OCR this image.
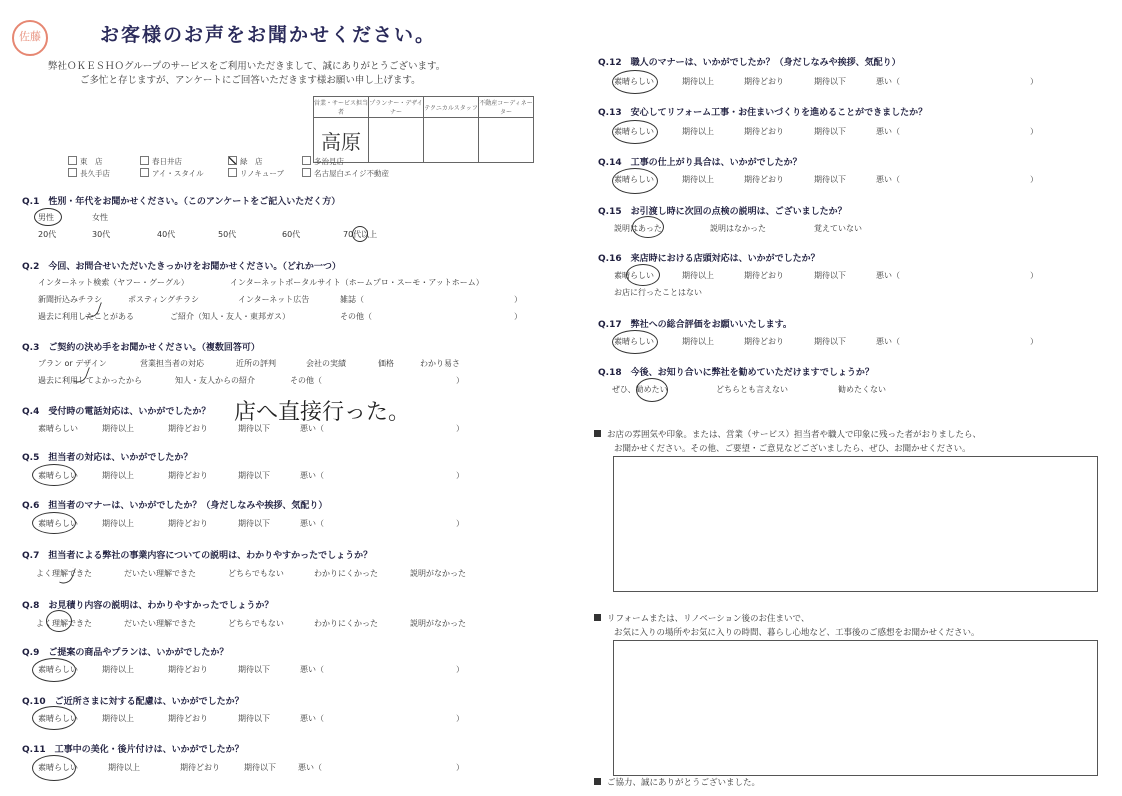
佐藤	お客様のお声をお聞かせください。
弊社ＯＫＥＳＨＯグループのサービスをご利用いただきまして、誠にありがとうございます。
ご多忙と存じますが、アンケートにご回答いただきます様お願い申し上げます。
営業・サービス担当者	プランナー・デザイナー	テクニカルスタッフ	不動産コーディネーター
高原			
東　店	春日井店	緑　店	多治見店
長久手店	アイ・スタイル	リノキューブ	名古屋白エイジ不動産
Q.1　性別・年代をお聞かせください。（このアンケートをご記入いただく方）
男性	女性
20代	30代	40代	50代	60代	70代以上
Q.2　今回、お問合せいただいたきっかけをお聞かせください。（どれか一つ）
インターネット検索（ヤフー・グーグル）	インターネットポータルサイト（ホームプロ・スーモ・アットホーム）
新聞折込みチラシ	ポスティングチラシ	インターネット広告	雑誌（	）
過去に利用したことがある	ご紹介（知人・友人・東邦ガス）	その他（	）
Q.3　ご契約の決め手をお聞かせください。（複数回答可）
プラン or デザイン	営業担当者の対応	近所の評判	会社の実績	価格	わかり易さ
過去に利用してよかったから	知人・友人からの紹介	その他（	）
Q.4　受付時の電話対応は、いかがでしたか？ 店へ直接行った。
素晴らしい	期待以上	期待どおり	期待以下	悪い（	）
Q.5　担当者の対応は、いかがでしたか？
素晴らしい	期待以上	期待どおり	期待以下	悪い（	）
Q.6　担当者のマナーは、いかがでしたか？（身だしなみや挨拶、気配り）
素晴らしい	期待以上	期待どおり	期待以下	悪い（	）
Q.7　担当者による弊社の事業内容についての説明は、わかりやすかったでしょうか？
よく理解できた	だいたい理解できた	どちらでもない	わかりにくかった	説明がなかった
Q.8　お見積り内容の説明は、わかりやすかったでしょうか？
よく理解できた	だいたい理解できた	どちらでもない	わかりにくかった	説明がなかった
Q.9　ご提案の商品やプランは、いかがでしたか？
素晴らしい	期待以上	期待どおり	期待以下	悪い（	）
Q.10　ご近所さまに対する配慮は、いかがでしたか？
素晴らしい	期待以上	期待どおり	期待以下	悪い（	）
Q.11　工事中の美化・後片付けは、いかがでしたか？
素晴らしい	期待以上	期待どおり	期待以下	悪い（	）
Q.12　職人のマナーは、いかがでしたか？（身だしなみや挨拶、気配り）
素晴らしい	期待以上	期待どおり	期待以下	悪い（	）
Q.13　安心してリフォーム工事・お住まいづくりを進めることができましたか？
素晴らしい	期待以上	期待どおり	期待以下	悪い（	）
Q.14　工事の仕上がり具合は、いかがでしたか？
素晴らしい	期待以上	期待どおり	期待以下	悪い（	）
Q.15　お引渡し時に次回の点検の説明は、ございましたか？
説明はあった	説明はなかった	覚えていない
Q.16　来店時における店頭対応は、いかがでしたか？
素晴らしい	期待以上	期待どおり	期待以下	悪い（	）
お店に行ったことはない
Q.17　弊社への総合評価をお願いいたします。
素晴らしい	期待以上	期待どおり	期待以下	悪い（	）
Q.18　今後、お知り合いに弊社を勧めていただけますでしょうか？
ぜひ、勧めたい	どちらとも言えない	勧めたくない
お店の雰囲気や印象。または、営業（サービス）担当者や職人で印象に残った者がおりましたら、
お聞かせください。その他、ご要望・ご意見などございましたら、ぜひ、お聞かせください。
リフォームまたは、リノベーション後のお住まいで、
お気に入りの場所やお気に入りの時間、暮らし心地など、工事後のご感想をお聞かせください。
ご協力、誠にありがとうございました。
